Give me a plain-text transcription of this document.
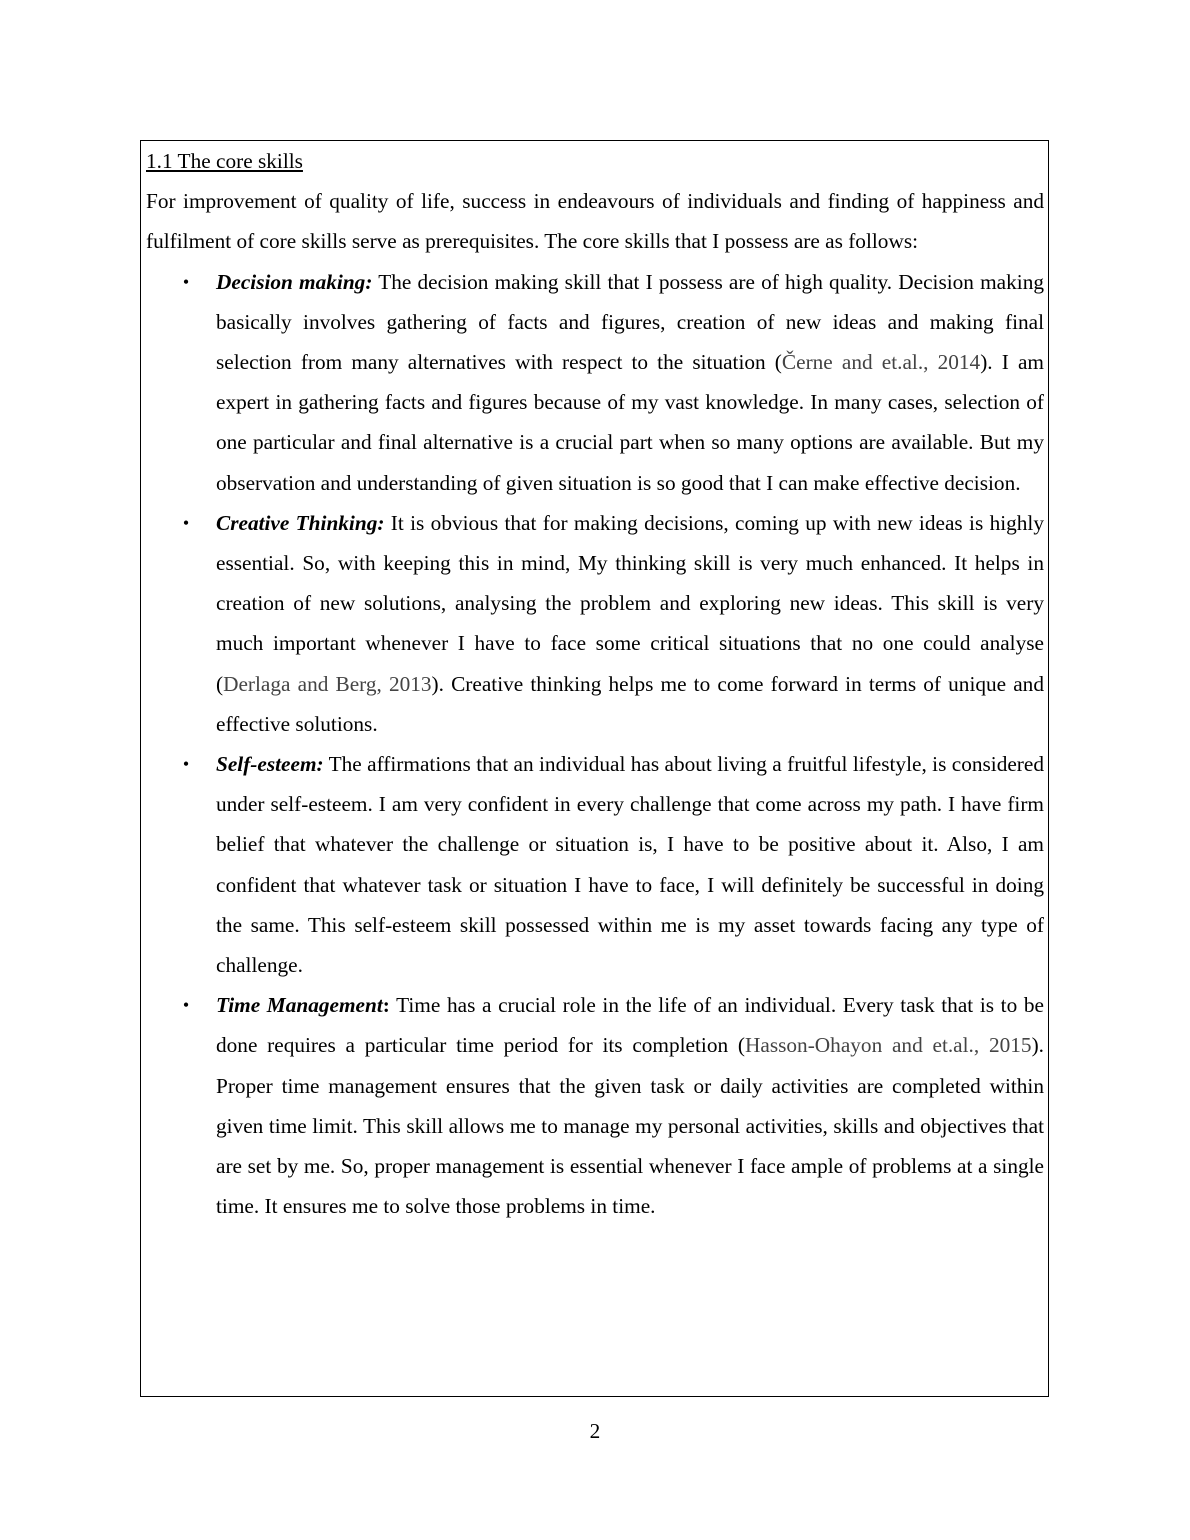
1.1 The core skills

For improvement of quality of life, success in endeavours of individuals and finding of happiness and fulfilment of core skills serve as prerequisites. The core skills that I possess are as follows:

• Decision making: The decision making skill that I possess are of high quality. Decision making basically involves gathering of facts and figures, creation of new ideas and making final selection from many alternatives with respect to the situation (Černe and et.al., 2014). I am expert in gathering facts and figures because of my vast knowledge. In many cases, selection of one particular and final alternative is a crucial part when so many options are available. But my observation and understanding of given situation is so good that I can make effective decision.
• Creative Thinking: It is obvious that for making decisions, coming up with new ideas is highly essential. So, with keeping this in mind, My thinking skill is very much enhanced. It helps in creation of new solutions, analysing the problem and exploring new ideas. This skill is very much important whenever I have to face some critical situations that no one could analyse (Derlaga and Berg, 2013). Creative thinking helps me to come forward in terms of unique and effective solutions.
• Self-esteem: The affirmations that an individual has about living a fruitful lifestyle, is considered under self-esteem. I am very confident in every challenge that come across my path. I have firm belief that whatever the challenge or situation is, I have to be positive about it. Also, I am confident that whatever task or situation I have to face, I will definitely be successful in doing the same. This self-esteem skill possessed within me is my asset towards facing any type of challenge.
• Time Management: Time has a crucial role in the life of an individual. Every task that is to be done requires a particular time period for its completion (Hasson-Ohayon and et.al., 2015). Proper time management ensures that the given task or daily activities are completed within given time limit. This skill allows me to manage my personal activities, skills and objectives that are set by me. So, proper management is essential whenever I face ample of problems at a single time. It ensures me to solve those problems in time.
2
